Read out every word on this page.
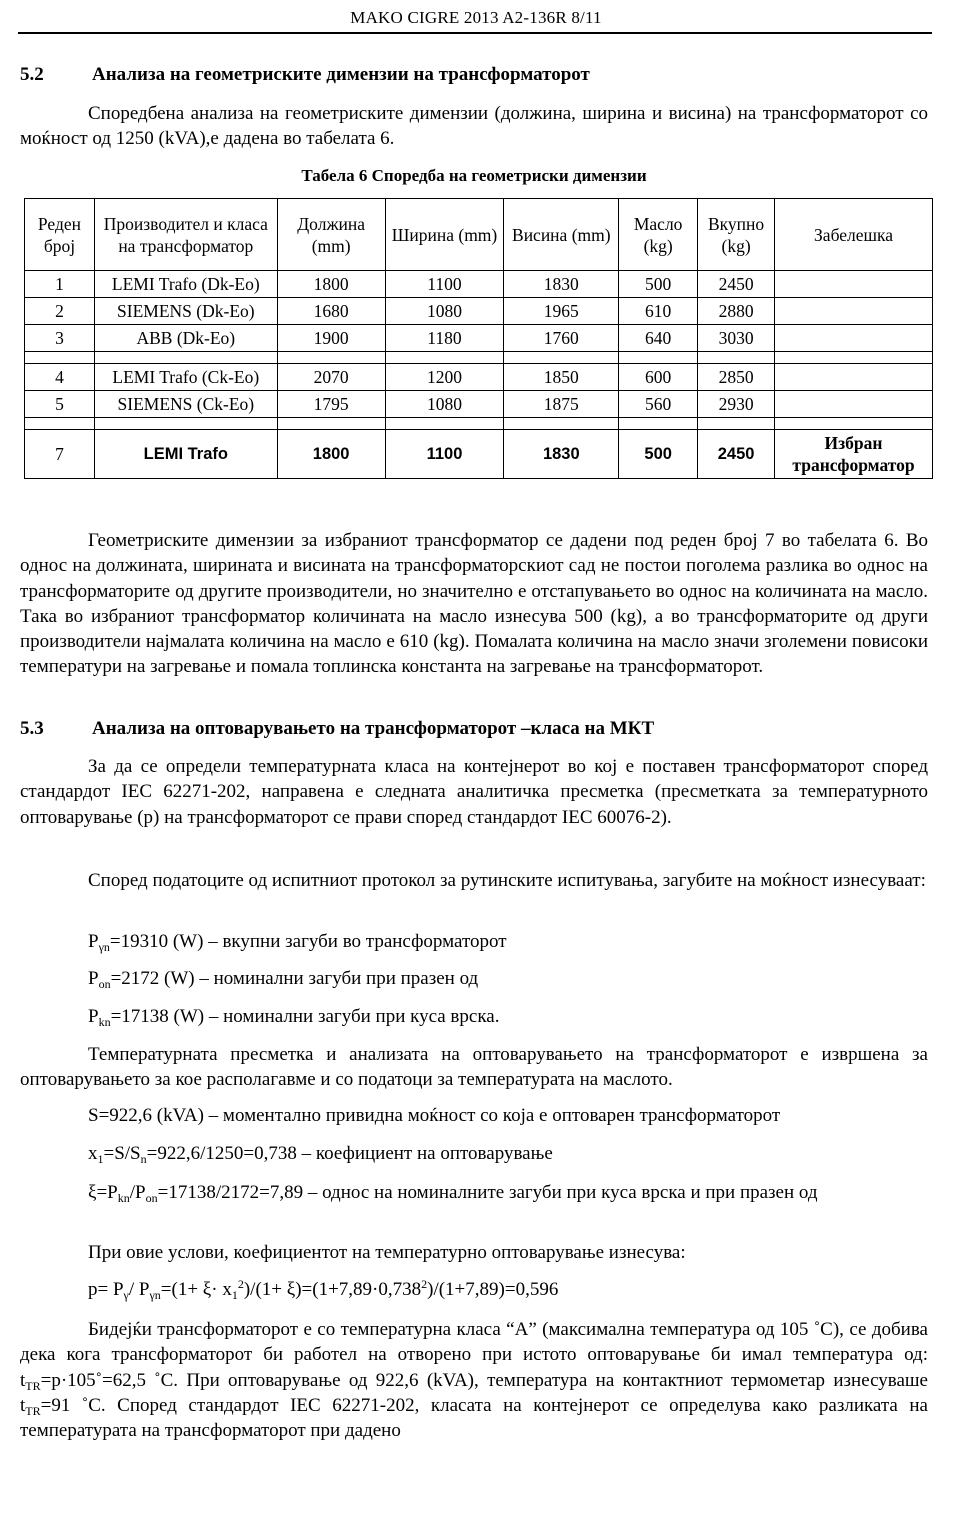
MAKO CIGRE 2013 A2-136R 8/11
5.2	Анализа на геометриските димензии на трансформаторот
Споредбена анализа на геометриските димензии (должина, ширина и висина) на трансформаторот со моќност од 1250 (kVA),е дадена во табелата 6.
Табела 6 Споредба на геометриски димензии
Реден број	Производител и класа на трансформатор	Должина (mm)	Ширина (mm)	Висина (mm)	Масло (kg)	Вкупно (kg)	Забелешка
1	LEMI Trafo (Dk-Eo)	1800	1100	1830	500	2450	
2	SIEMENS (Dk-Eo)	1680	1080	1965	610	2880	
3	ABB (Dk-Eo)	1900	1180	1760	640	3030	

4	LEMI Trafo (Ck-Eo)	2070	1200	1850	600	2850	
5	SIEMENS (Ck-Eo)	1795	1080	1875	560	2930	

7	LEMI Trafo	1800	1100	1830	500	2450	Избран трансформатор
Геометриските димензии за избраниот трансформатор се дадени под реден број 7 во табелата 6. Во однос на должината, ширината и висината на трансформаторскиот сад не постои поголема разлика во однос на трансформаторите од другите производители, но значително е отстапувањето во однос на количината на масло. Така во избраниот трансформатор количината на масло изнесува 500 (kg), а во трансформаторите од други производители најмалата количина на масло е 610 (kg). Помалата количина на масло значи зголемени повисоки температури на загревање и помала топлинска константа на загревање на трансформаторот.
5.3	Анализа на оптоварувањето на трансформаторот –класа на МКТ
За да се определи температурната класа на контејнерот во кој е поставен трансформаторот според стандардот IEC 62271-202, направена е следната аналитичка пресметка (пресметката за температурното оптоварување (p) на трансформаторот се прави според стандардот IEC 60076-2).
Според податоците од испитниот протокол за рутинските испитувања, загубите на моќност изнесуваат:
$P_{\gamma n}=19310$ (W) – вкупни загуби во трансформаторот
$P_{on}=2172$ (W) – номинални загуби при празен од
$P_{kn}=17138$ (W) – номинални загуби при куса врска.
Температурната пресметка и анализата на оптоварувањето на трансформаторот е извршена за оптоварувањето за кое располагавме и со податоци за температурата на маслото.
S=922,6 (kVA) – моментално привидна моќност со која е оптоварен трансформаторот
$x_1=S/S_n=922,6/1250=0,738$ – коефициент на оптоварување
$\xi=P_{kn}/P_{on}=17138/2172=7,89$ – однос на номиналните загуби при куса врска и при празен од
При овие услови, коефициентот на температурно оптоварување изнесува:
$p= P_\gamma/$ $P_{\gamma n}=(1+ \xi\cdot x_1^2)/(1+ \xi)=(1+7,89\cdot 0,738^2)/(1+7,89)=0,596$
Бидејќи трансформаторот е со температурна класа “A” (максимална температура од 105 ˚C), се добива дека кога трансформаторот би работел на отворено при истото оптоварување би имал температура од: $t_{TR}=p\cdot 105˚=62,5$ ˚C. При оптоварување од 922,6 (kVA), температура на контактниот термометар изнесуваше $t_{TR}=91$ ˚C. Според стандардот IEC 62271-202, класата на контејнерот се определува како разликата на температурата на трансформаторот при дадено
